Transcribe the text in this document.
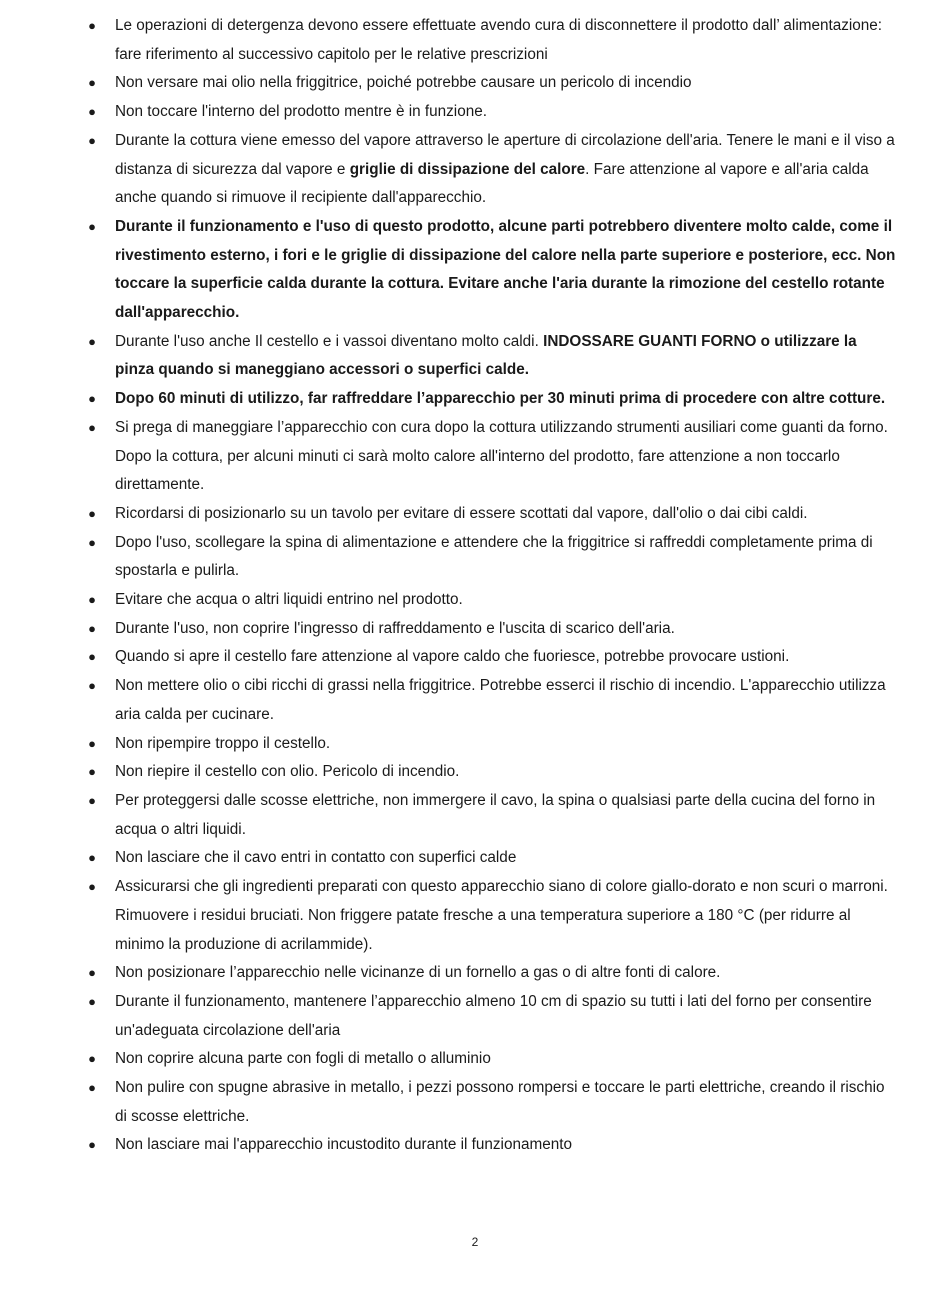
● Le operazioni di detergenza devono essere effettuate avendo cura di disconnettere il prodotto dall’ alimentazione: fare riferimento al successivo capitolo per le relative prescrizioni
● Non versare mai olio nella friggitrice, poiché potrebbe causare un pericolo di incendio
● Non toccare l'interno del prodotto mentre è in funzione.
● Durante la cottura viene emesso del vapore attraverso le aperture di circolazione dell'aria. Tenere le mani e il viso a distanza di sicurezza dal vapore e griglie di dissipazione del calore. Fare attenzione al vapore e all'aria calda anche quando si rimuove il recipiente dall'apparecchio.
● Durante il funzionamento e l'uso di questo prodotto, alcune parti potrebbero diventere molto calde, come il rivestimento esterno, i fori e le griglie di dissipazione del calore nella parte superiore e posteriore, ecc. Non toccare la superficie calda durante la cottura. Evitare anche l'aria durante la rimozione del cestello rotante dall'apparecchio.
● Durante l'uso anche Il cestello e i vassoi diventano molto caldi. INDOSSARE GUANTI FORNO o utilizzare la pinza quando si maneggiano accessori o superfici calde.
● Dopo 60 minuti di utilizzo, far raffreddare l’apparecchio per 30 minuti prima di procedere con altre cotture.
● Si prega di maneggiare l’apparecchio con cura dopo la cottura utilizzando strumenti ausiliari come guanti da forno. Dopo la cottura, per alcuni minuti ci sarà molto calore all'interno del prodotto, fare attenzione a non toccarlo direttamente.
● Ricordarsi di posizionarlo su un tavolo per evitare di essere scottati dal vapore, dall'olio o dai cibi caldi.
● Dopo l'uso, scollegare la spina di alimentazione e attendere che la friggitrice si raffreddi completamente prima di spostarla e pulirla.
● Evitare che acqua o altri liquidi entrino nel prodotto.
● Durante l'uso, non coprire l'ingresso di raffreddamento e l'uscita di scarico dell'aria.
● Quando si apre il cestello fare attenzione al vapore caldo che fuoriesce, potrebbe provocare ustioni.
● Non mettere olio o cibi ricchi di grassi nella friggitrice. Potrebbe esserci il rischio di incendio. L'apparecchio utilizza aria calda per cucinare.
● Non ripempire troppo il cestello.
● Non riepire il cestello con olio. Pericolo di incendio.
● Per proteggersi dalle scosse elettriche, non immergere il cavo, la spina o qualsiasi parte della cucina del forno in acqua o altri liquidi.
● Non lasciare che il cavo entri in contatto con superfici calde
● Assicurarsi che gli ingredienti preparati con questo apparecchio siano di colore giallo-dorato e non scuri o marroni. Rimuovere i residui bruciati. Non friggere patate fresche a una temperatura superiore a 180 °C (per ridurre al minimo la produzione di acrilammide).
● Non posizionare l’apparecchio nelle vicinanze di un fornello a gas o di altre fonti di calore.
● Durante il funzionamento, mantenere l’apparecchio almeno 10 cm di spazio su tutti i lati del forno per consentire un'adeguata circolazione dell'aria
● Non coprire alcuna parte con fogli di metallo o alluminio
● Non pulire con spugne abrasive in metallo, i pezzi possono rompersi e toccare le parti elettriche, creando il rischio di scosse elettriche.
● Non lasciare mai l'apparecchio incustodito durante il funzionamento
2
